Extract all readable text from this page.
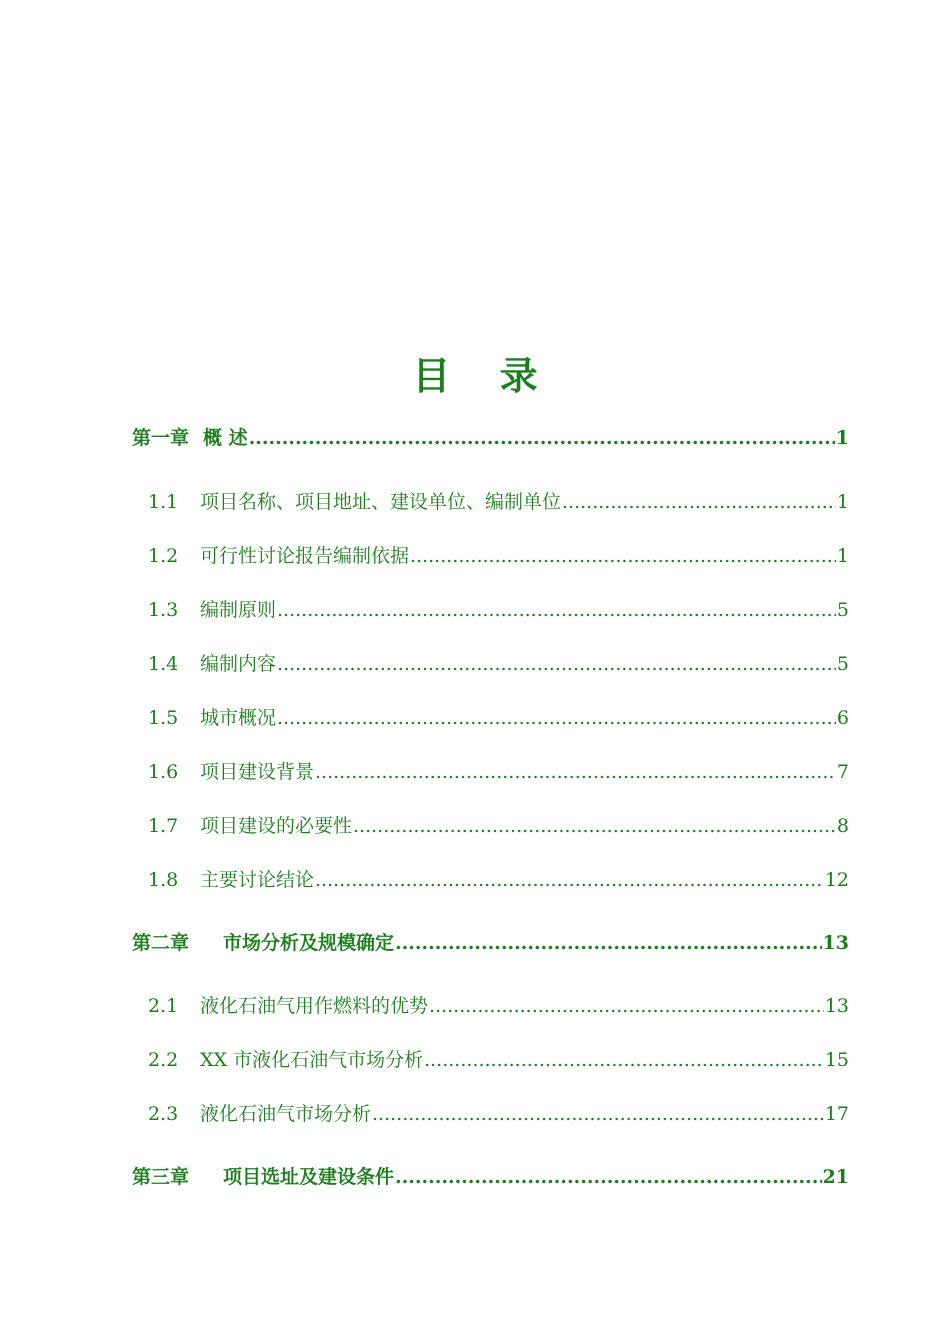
目 录
第一章 概 述 .....	1
1.1	项目名称、项目地址、建设单位、编制单位 .....	1
1.2	可行性讨论报告编制依据 .....	1
1.3	编制原则 .....	5
1.4	编制内容 .....	5
1.5	城市概况 .....	6
1.6	项目建设背景 .....	7
1.7	项目建设的必要性 .....	8
1.8	主要讨论结论 .....	12
第二章 市场分析及规模确定 .....	13
2.1	液化石油气用作燃料的优势 .....	13
2.2	XX 市液化石油气市场分析 .....	15
2.3	液化石油气市场分析 .....	17
第三章 项目选址及建设条件 .....	21
